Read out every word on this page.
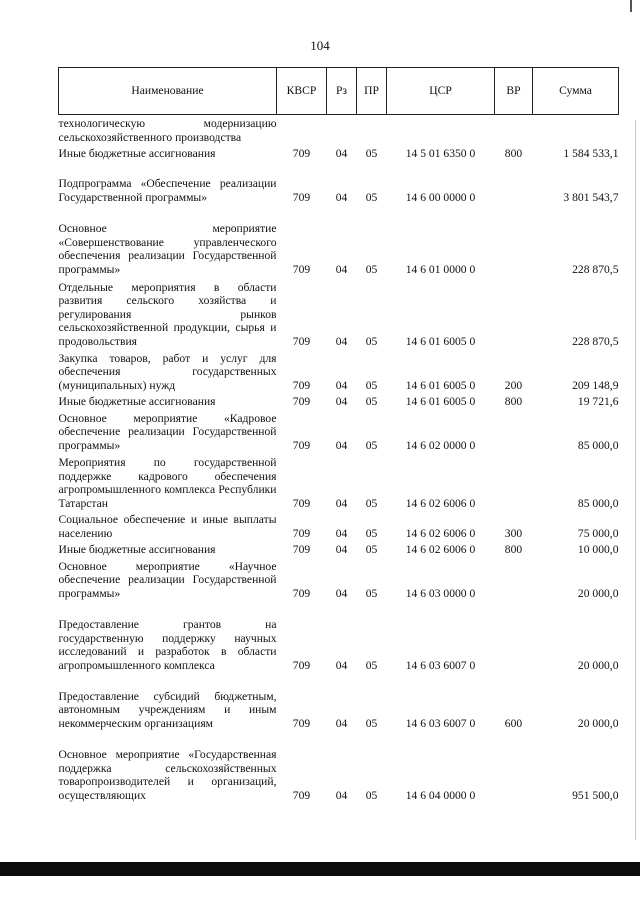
104
Наименование	КВСР	Рз	ПР	ЦСР	ВР	Сумма
технологическую модернизацию сельскохозяйственного производства						
Иные бюджетные ассигнования	709	04	05	14 5 01 6350 0	800	1 584 533,1
Подпрограмма «Обеспечение реализации Государственной программы»	709	04	05	14 6 00 0000 0		3 801 543,7
Основное мероприятие «Совершенствование управленческого обеспечения реализации Государственной программы»	709	04	05	14 6 01 0000 0		228 870,5
Отдельные мероприятия в области развития сельского хозяйства и регулирования рынков сельскохозяйственной продукции, сырья и продовольствия	709	04	05	14 6 01 6005 0		228 870,5
Закупка товаров, работ и услуг для обеспечения государственных (муниципальных) нужд	709	04	05	14 6 01 6005 0	200	209 148,9
Иные бюджетные ассигнования	709	04	05	14 6 01 6005 0	800	19 721,6
Основное мероприятие «Кадровое обеспечение реализации Государственной программы»	709	04	05	14 6 02 0000 0		85 000,0
Мероприятия по государственной поддержке кадрового обеспечения агропромышленного комплекса Республики Татарстан	709	04	05	14 6 02 6006 0		85 000,0
Социальное обеспечение и иные выплаты населению	709	04	05	14 6 02 6006 0	300	75 000,0
Иные бюджетные ассигнования	709	04	05	14 6 02 6006 0	800	10 000,0
Основное мероприятие «Научное обеспечение реализации Государственной программы»	709	04	05	14 6 03 0000 0		20 000,0
Предоставление грантов на государственную поддержку научных исследований и разработок в области агропромышленного комплекса	709	04	05	14 6 03 6007 0		20 000,0
Предоставление субсидий бюджетным, автономным учреждениям и иным некоммерческим организациям	709	04	05	14 6 03 6007 0	600	20 000,0
Основное мероприятие «Государственная поддержка сельскохозяйственных товаропроизводителей и организаций, осуществляющих	709	04	05	14 6 04 0000 0		951 500,0
